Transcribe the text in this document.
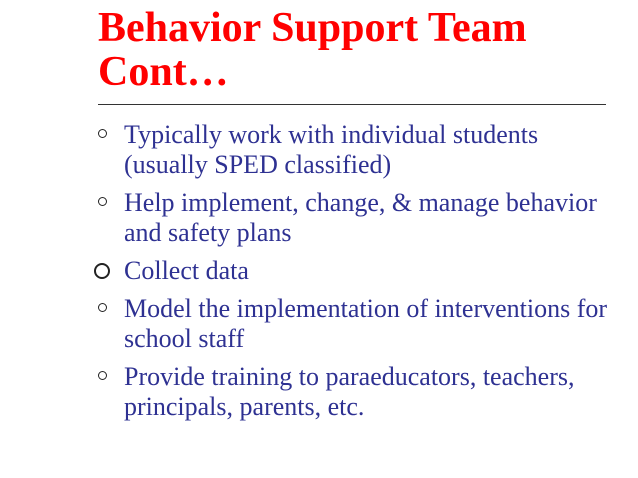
Behavior Support Team
Cont…
Typically work with individual students (usually SPED classified)
Help implement, change, & manage behavior and safety plans
Collect data
Model the implementation of interventions for school staff
Provide training to paraeducators, teachers, principals, parents, etc.
